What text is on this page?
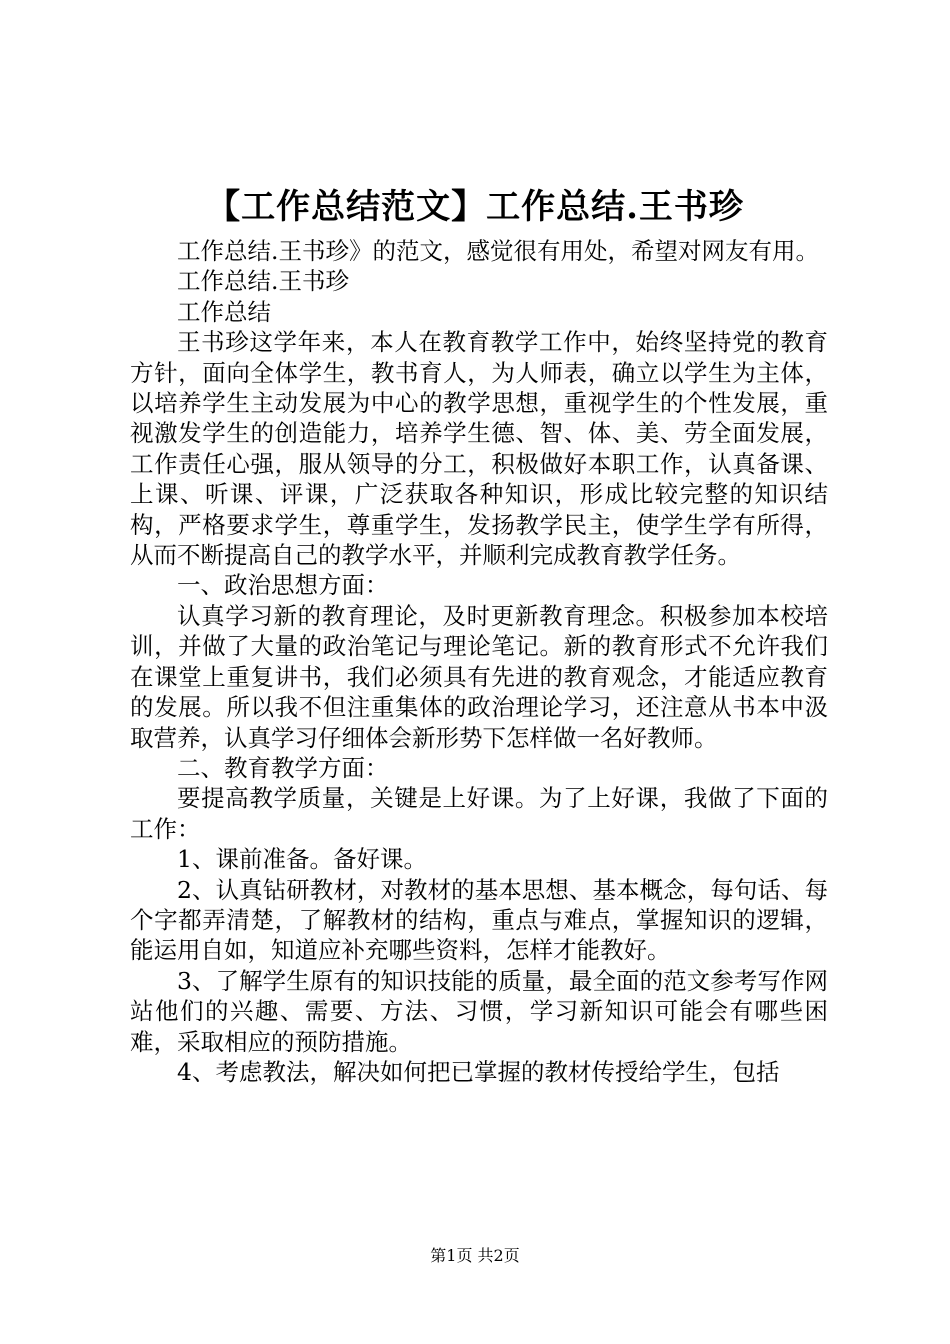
【工作总结范文】工作总结.王书珍

工作总结.王书珍》的范文，感觉很有用处，希望对网友有用。

工作总结.王书珍

工作总结

王书珍这学年来，本人在教育教学工作中，始终坚持党的教育方针，面向全体学生，教书育人，为人师表，确立以学生为主体，以培养学生主动发展为中心的教学思想，重视学生的个性发展，重视激发学生的创造能力，培养学生德、智、体、美、劳全面发展，工作责任心强，服从领导的分工，积极做好本职工作，认真备课、上课、听课、评课，广泛获取各种知识，形成比较完整的知识结构，严格要求学生，尊重学生，发扬教学民主，使学生学有所得，从而不断提高自己的教学水平，并顺利完成教育教学任务。

一、政治思想方面：

认真学习新的教育理论，及时更新教育理念。积极参加本校培训，并做了大量的政治笔记与理论笔记。新的教育形式不允许我们在课堂上重复讲书，我们必须具有先进的教育观念，才能适应教育的发展。所以我不但注重集体的政治理论学习，还注意从书本中汲取营养，认真学习仔细体会新形势下怎样做一名好教师。

二、教育教学方面：

要提高教学质量，关键是上好课。为了上好课，我做了下面的工作：

1、课前准备。备好课。

2、认真钻研教材，对教材的基本思想、基本概念，每句话、每个字都弄清楚，了解教材的结构，重点与难点，掌握知识的逻辑，能运用自如，知道应补充哪些资料，怎样才能教好。

3、了解学生原有的知识技能的质量，最全面的范文参考写作网站他们的兴趣、需要、方法、习惯，学习新知识可能会有哪些困难，采取相应的预防措施。

4、考虑教法，解决如何把已掌握的教材传授给学生，包括

第1页 共2页
